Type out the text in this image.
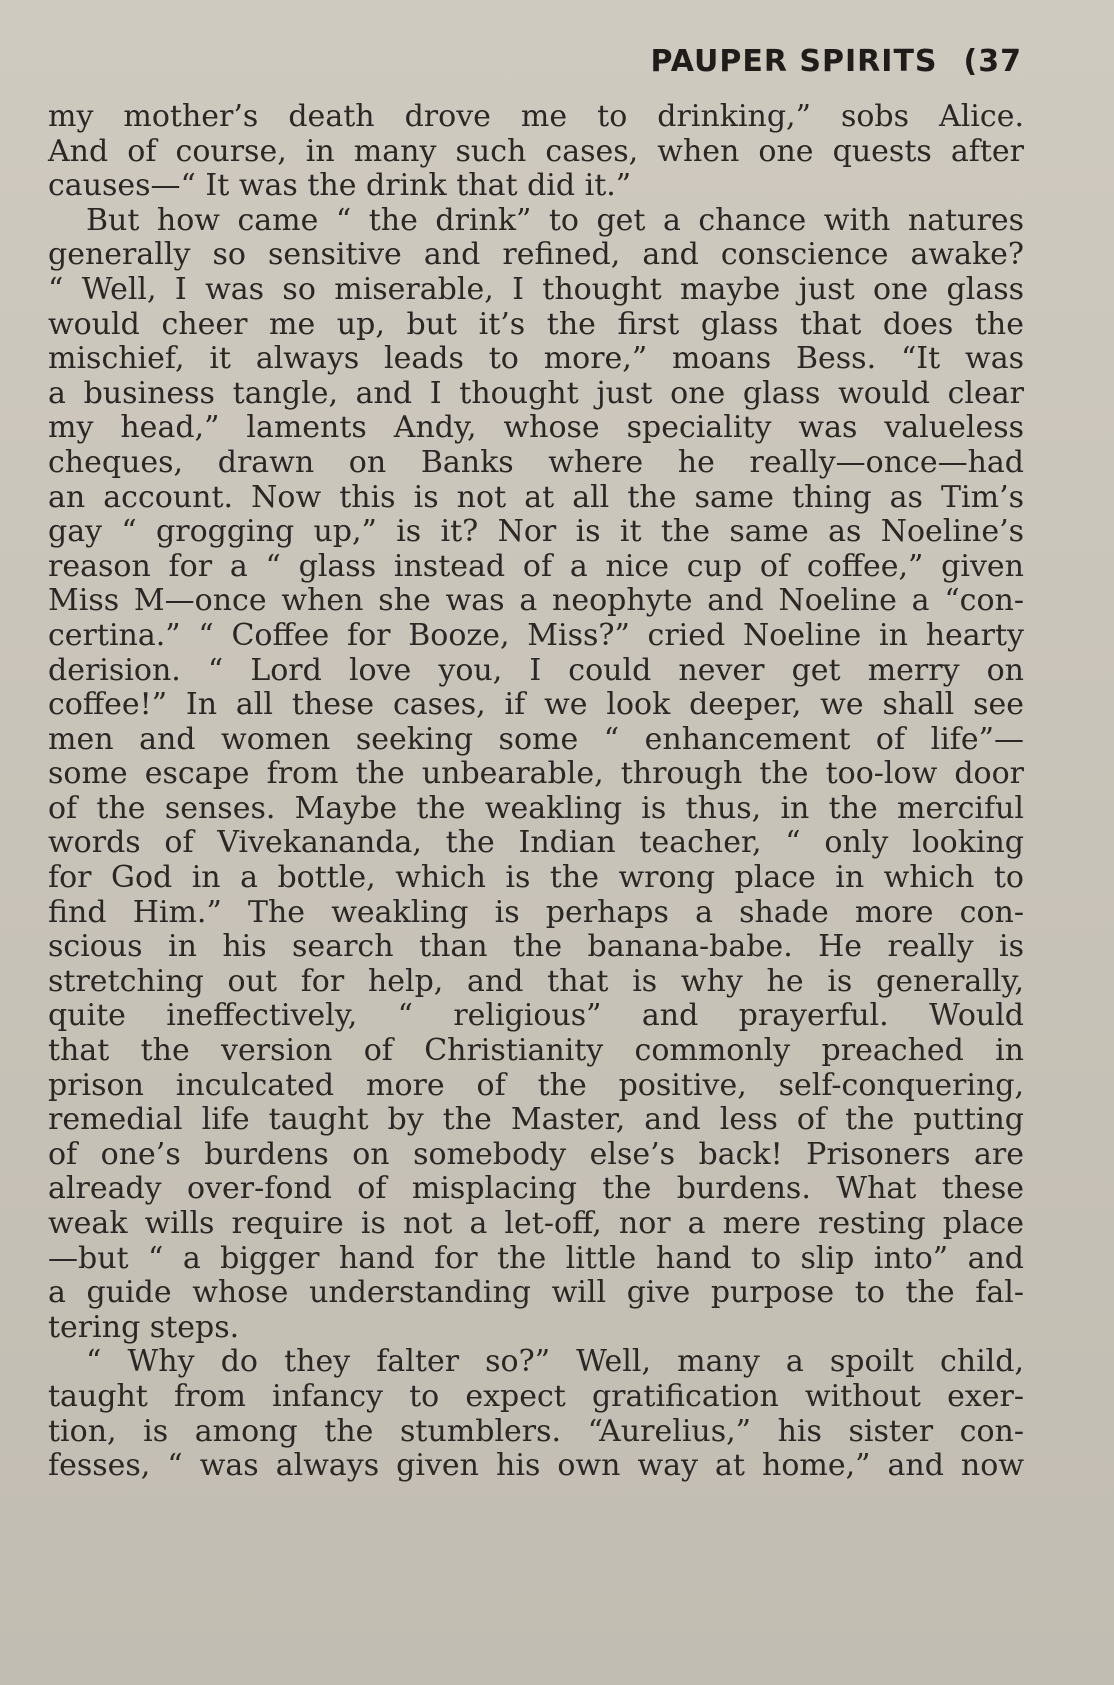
PAUPER SPIRITS (37
my mother’s death drove me to drinking,” sobs Alice.
And of course, in many such cases, when one quests after
causes—“ It was the drink that did it.”
But how came “ the drink” to get a chance with natures
generally so sensitive and refined, and conscience awake?
“ Well, I was so miserable, I thought maybe just one glass
would cheer me up, but it’s the first glass that does the
mischief, it always leads to more,” moans Bess. “It was
a business tangle, and I thought just one glass would clear
my head,” laments Andy, whose speciality was valueless
cheques, drawn on Banks where he really—once—had
an account. Now this is not at all the same thing as Tim’s
gay “ grogging up,” is it? Nor is it the same as Noeline’s
reason for a “ glass instead of a nice cup of coffee,” given
Miss M—once when she was a neophyte and Noeline a “con-
certina.” “ Coffee for Booze, Miss?” cried Noeline in hearty
derision. “ Lord love you, I could never get merry on
coffee!” In all these cases, if we look deeper, we shall see
men and women seeking some “ enhancement of life”—
some escape from the unbearable, through the too-low door
of the senses. Maybe the weakling is thus, in the merciful
words of Vivekananda, the Indian teacher, “ only looking
for God in a bottle, which is the wrong place in which to
find Him.” The weakling is perhaps a shade more con-
scious in his search than the banana-babe. He really is
stretching out for help, and that is why he is generally,
quite ineffectively, “ religious” and prayerful. Would
that the version of Christianity commonly preached in
prison inculcated more of the positive, self-conquering,
remedial life taught by the Master, and less of the putting
of one’s burdens on somebody else’s back! Prisoners are
already over-fond of misplacing the burdens. What these
weak wills require is not a let-off, nor a mere resting place
—but “ a bigger hand for the little hand to slip into” and
a guide whose understanding will give purpose to the fal-
tering steps.
“ Why do they falter so?” Well, many a spoilt child,
taught from infancy to expect gratification without exer-
tion, is among the stumblers. “Aurelius,” his sister con-
fesses, “ was always given his own way at home,” and now
